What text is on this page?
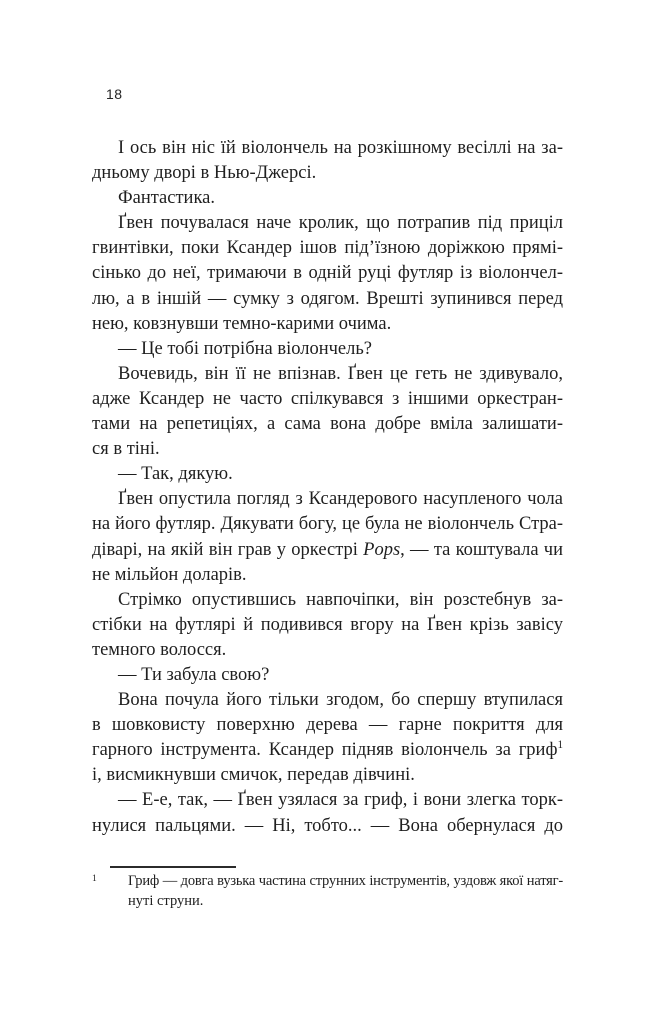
18
І ось він ніс їй віолончель на розкішному весіллі на за-
дньому дворі в Нью-Джерсі.
Фантастика.
Ґвен почувалася наче кролик, що потрапив під приціл
гвинтівки, поки Ксандер ішов під’їзною доріжкою прямі-
сінько до неї, тримаючи в одній руці футляр із віолончел-
лю, а в іншій — сумку з одягом. Врешті зупинився перед
нею, ковзнувши темно-карими очима.
— Це тобі потрібна віолончель?
Вочевидь, він її не впізнав. Ґвен це геть не здивувало,
адже Ксандер не часто спілкувався з іншими оркестран-
тами на репетиціях, а сама вона добре вміла залишати-
ся в тіні.
— Так, дякую.
Ґвен опустила погляд з Ксандерового насупленого чола
на його футляр. Дякувати богу, це була не віолончель Стра-
діварі, на якій він грав у оркестрі Pops, — та коштувала чи
не мільйон доларів.
Стрімко опустившись навпочіпки, він розстебнув за-
стібки на футлярі й подивився вгору на Ґвен крізь завісу
темного волосся.
— Ти забула свою?
Вона почула його тільки згодом, бо спершу втупилася
в шовковисту поверхню дерева — гарне покриття для
гарного інструмента. Ксандер підняв віолончель за гриф$^1$
і, висмикнувши смичок, передав дівчині.
— Е-е, так, — Ґвен узялася за гриф, і вони злегка торк-
нулися пальцями. — Ні, тобто... — Вона обернулася до
1 Гриф — довга вузька частина струнних інструментів, уздовж якої натяг-
нуті струни.
